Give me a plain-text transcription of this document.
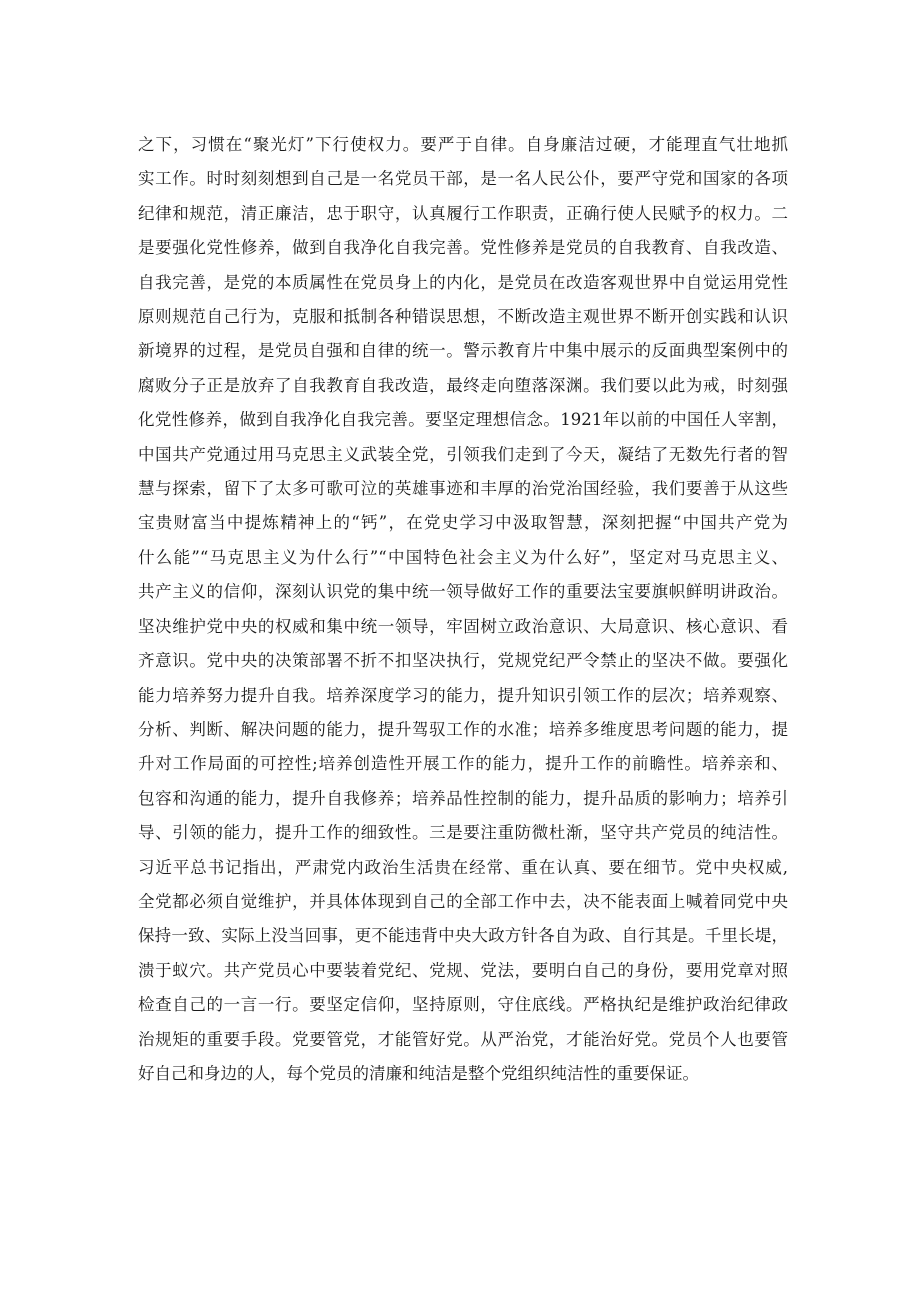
之下，习惯在“聚光灯”下行使权力。要严于自律。自身廉洁过硬，才能理直气壮地抓
实工作。时时刻刻想到自己是一名党员干部，是一名人民公仆，要严守党和国家的各项
纪律和规范，清正廉洁，忠于职守，认真履行工作职责，正确行使人民赋予的权力。二
是要强化党性修养，做到自我净化自我完善。党性修养是党员的自我教育、自我改造、
自我完善，是党的本质属性在党员身上的内化，是党员在改造客观世界中自觉运用党性
原则规范自己行为，克服和抵制各种错误思想，不断改造主观世界不断开创实践和认识
新境界的过程，是党员自强和自律的统一。警示教育片中集中展示的反面典型案例中的
腐败分子正是放弃了自我教育自我改造，最终走向堕落深渊。我们要以此为戒，时刻强
化党性修养，做到自我净化自我完善。要坚定理想信念。1921年以前的中国任人宰割，
中国共产党通过用马克思主义武装全党，引领我们走到了今天，凝结了无数先行者的智
慧与探索，留下了太多可歌可泣的英雄事迹和丰厚的治党治国经验，我们要善于从这些
宝贵财富当中提炼精神上的“钙”，在党史学习中汲取智慧，深刻把握“中国共产党为
什么能”“马克思主义为什么行”“中国特色社会主义为什么好”，坚定对马克思主义、
共产主义的信仰，深刻认识党的集中统一领导做好工作的重要法宝要旗帜鲜明讲政治。
坚决维护党中央的权威和集中统一领导，牢固树立政治意识、大局意识、核心意识、看
齐意识。党中央的决策部署不折不扣坚决执行，党规党纪严令禁止的坚决不做。要强化
能力培养努力提升自我。培养深度学习的能力，提升知识引领工作的层次；培养观察、
分析、判断、解决问题的能力，提升驾驭工作的水准；培养多维度思考问题的能力，提
升对工作局面的可控性;培养创造性开展工作的能力，提升工作的前瞻性。培养亲和、
包容和沟通的能力，提升自我修养；培养品性控制的能力，提升品质的影响力；培养引
导、引领的能力，提升工作的细致性。三是要注重防微杜渐，坚守共产党员的纯洁性。
习近平总书记指出，严肃党内政治生活贵在经常、重在认真、要在细节。党中央权威,
全党都必须自觉维护，并具体体现到自己的全部工作中去，决不能表面上喊着同党中央
保持一致、实际上没当回事，更不能违背中央大政方针各自为政、自行其是。千里长堤，
溃于蚁穴。共产党员心中要装着党纪、党规、党法，要明白自己的身份，要用党章对照
检查自己的一言一行。要坚定信仰，坚持原则，守住底线。严格执纪是维护政治纪律政
治规矩的重要手段。党要管党，才能管好党。从严治党，才能治好党。党员个人也要管
好自己和身边的人，每个党员的清廉和纯洁是整个党组织纯洁性的重要保证。
